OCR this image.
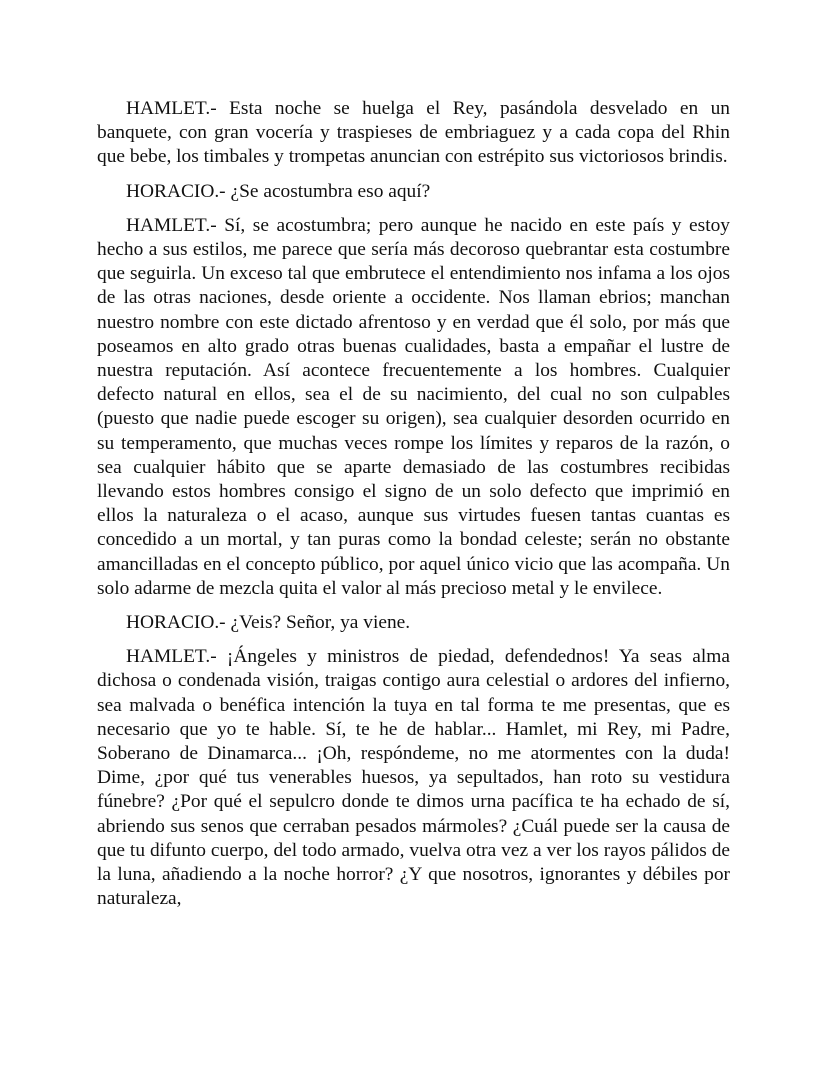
HAMLET.- Esta noche se huelga el Rey, pasándola desvelado en un banquete, con gran vocería y traspieses de embriaguez y a cada copa del Rhin que bebe, los timbales y trompetas anuncian con estrépito sus victoriosos brindis.

HORACIO.- ¿Se acostumbra eso aquí?

HAMLET.- Sí, se acostumbra; pero aunque he nacido en este país y estoy hecho a sus estilos, me parece que sería más decoroso quebrantar esta costumbre que seguirla. Un exceso tal que embrutece el entendimiento nos infama a los ojos de las otras naciones, desde oriente a occidente. Nos llaman ebrios; manchan nuestro nombre con este dictado afrentoso y en verdad que él solo, por más que poseamos en alto grado otras buenas cualidades, basta a empañar el lustre de nuestra reputación. Así acontece frecuentemente a los hombres. Cualquier defecto natural en ellos, sea el de su nacimiento, del cual no son culpables (puesto que nadie puede escoger su origen), sea cualquier desorden ocurrido en su temperamento, que muchas veces rompe los límites y reparos de la razón, o sea cualquier hábito que se aparte demasiado de las costumbres recibidas llevando estos hombres consigo el signo de un solo defecto que imprimió en ellos la naturaleza o el acaso, aunque sus virtudes fuesen tantas cuantas es concedido a un mortal, y tan puras como la bondad celeste; serán no obstante amancilladas en el concepto público, por aquel único vicio que las acompaña. Un solo adarme de mezcla quita el valor al más precioso metal y le envilece.

HORACIO.- ¿Veis? Señor, ya viene.

HAMLET.- ¡Ángeles y ministros de piedad, defendednos! Ya seas alma dichosa o condenada visión, traigas contigo aura celestial o ardores del infierno, sea malvada o benéfica intención la tuya en tal forma te me presentas, que es necesario que yo te hable. Sí, te he de hablar... Hamlet, mi Rey, mi Padre, Soberano de Dinamarca... ¡Oh, respóndeme, no me atormentes con la duda! Dime, ¿por qué tus venerables huesos, ya sepultados, han roto su vestidura fúnebre? ¿Por qué el sepulcro donde te dimos urna pacífica te ha echado de sí, abriendo sus senos que cerraban pesados mármoles? ¿Cuál puede ser la causa de que tu difunto cuerpo, del todo armado, vuelva otra vez a ver los rayos pálidos de la luna, añadiendo a la noche horror? ¿Y que nosotros, ignorantes y débiles por naturaleza,
